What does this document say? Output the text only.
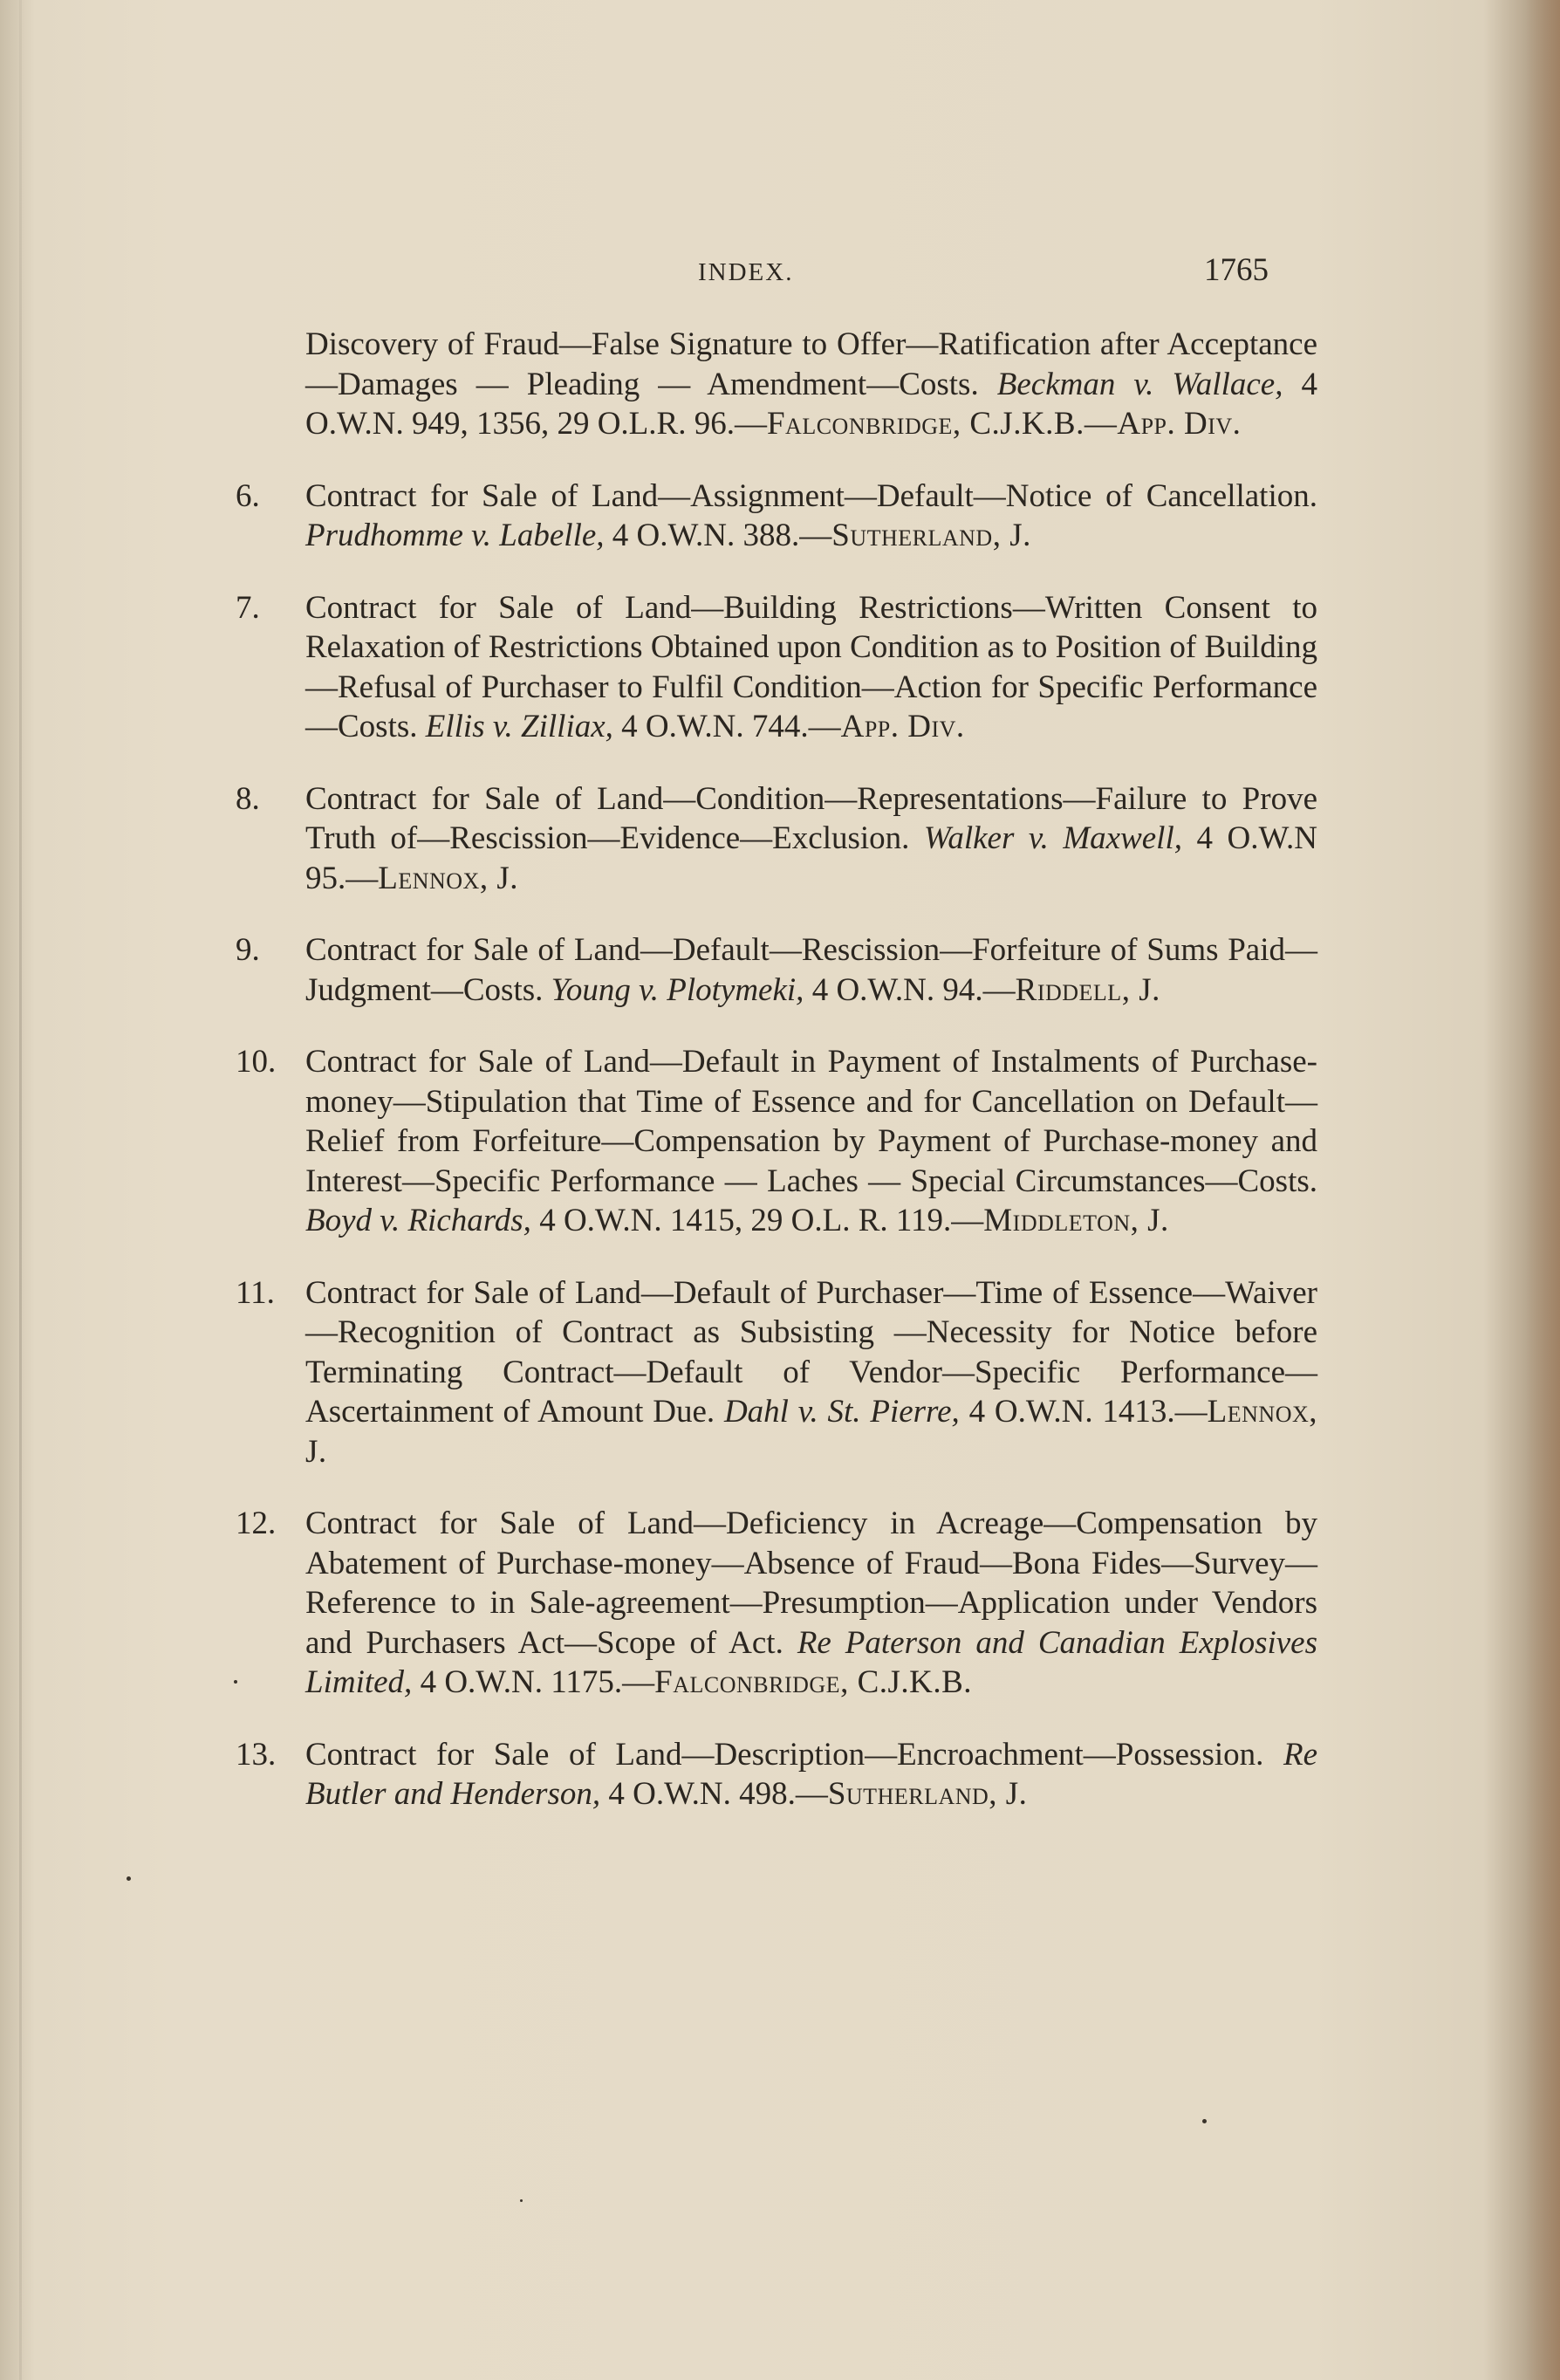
INDEX.	1765

Discovery of Fraud—False Signature to Offer—Ratification after Acceptance—Damages — Pleading — Amendment—Costs. Beckman v. Wallace, 4 O.W.N. 949, 1356, 29 O.L.R. 96.—Falconbridge, C.J.K.B.—App. Div.

6. Contract for Sale of Land—Assignment—Default—Notice of Cancellation. Prudhomme v. Labelle, 4 O.W.N. 388.—Sutherland, J.

7. Contract for Sale of Land—Building Restrictions—Written Consent to Relaxation of Restrictions Obtained upon Condition as to Position of Building—Refusal of Purchaser to Fulfil Condition—Action for Specific Performance—Costs. Ellis v. Zilliax, 4 O.W.N. 744.—App. Div.

8. Contract for Sale of Land—Condition—Representations—Failure to Prove Truth of—Rescission—Evidence—Exclusion. Walker v. Maxwell, 4 O.W.N 95.—Lennox, J.

9. Contract for Sale of Land—Default—Rescission—Forfeiture of Sums Paid—Judgment—Costs. Young v. Plotymeki, 4 O.W.N. 94.—Riddell, J.

10. Contract for Sale of Land—Default in Payment of Instalments of Purchase-money—Stipulation that Time of Essence and for Cancellation on Default—Relief from Forfeiture—Compensation by Payment of Purchase-money and Interest—Specific Performance — Laches — Special Circumstances—Costs. Boyd v. Richards, 4 O.W.N. 1415, 29 O.L. R. 119.—Middleton, J.

11. Contract for Sale of Land—Default of Purchaser—Time of Essence—Waiver—Recognition of Contract as Subsisting —Necessity for Notice before Terminating Contract—Default of Vendor—Specific Performance—Ascertainment of Amount Due. Dahl v. St. Pierre, 4 O.W.N. 1413.—Lennox, J.

12. Contract for Sale of Land—Deficiency in Acreage—Compensation by Abatement of Purchase-money—Absence of Fraud—Bona Fides—Survey—Reference to in Sale-agreement—Presumption—Application under Vendors and Purchasers Act—Scope of Act. Re Paterson and Canadian Explosives Limited, 4 O.W.N. 1175.—Falconbridge, C.J.K.B.

13. Contract for Sale of Land—Description—Encroachment—Possession. Re Butler and Henderson, 4 O.W.N. 498.—Sutherland, J.
